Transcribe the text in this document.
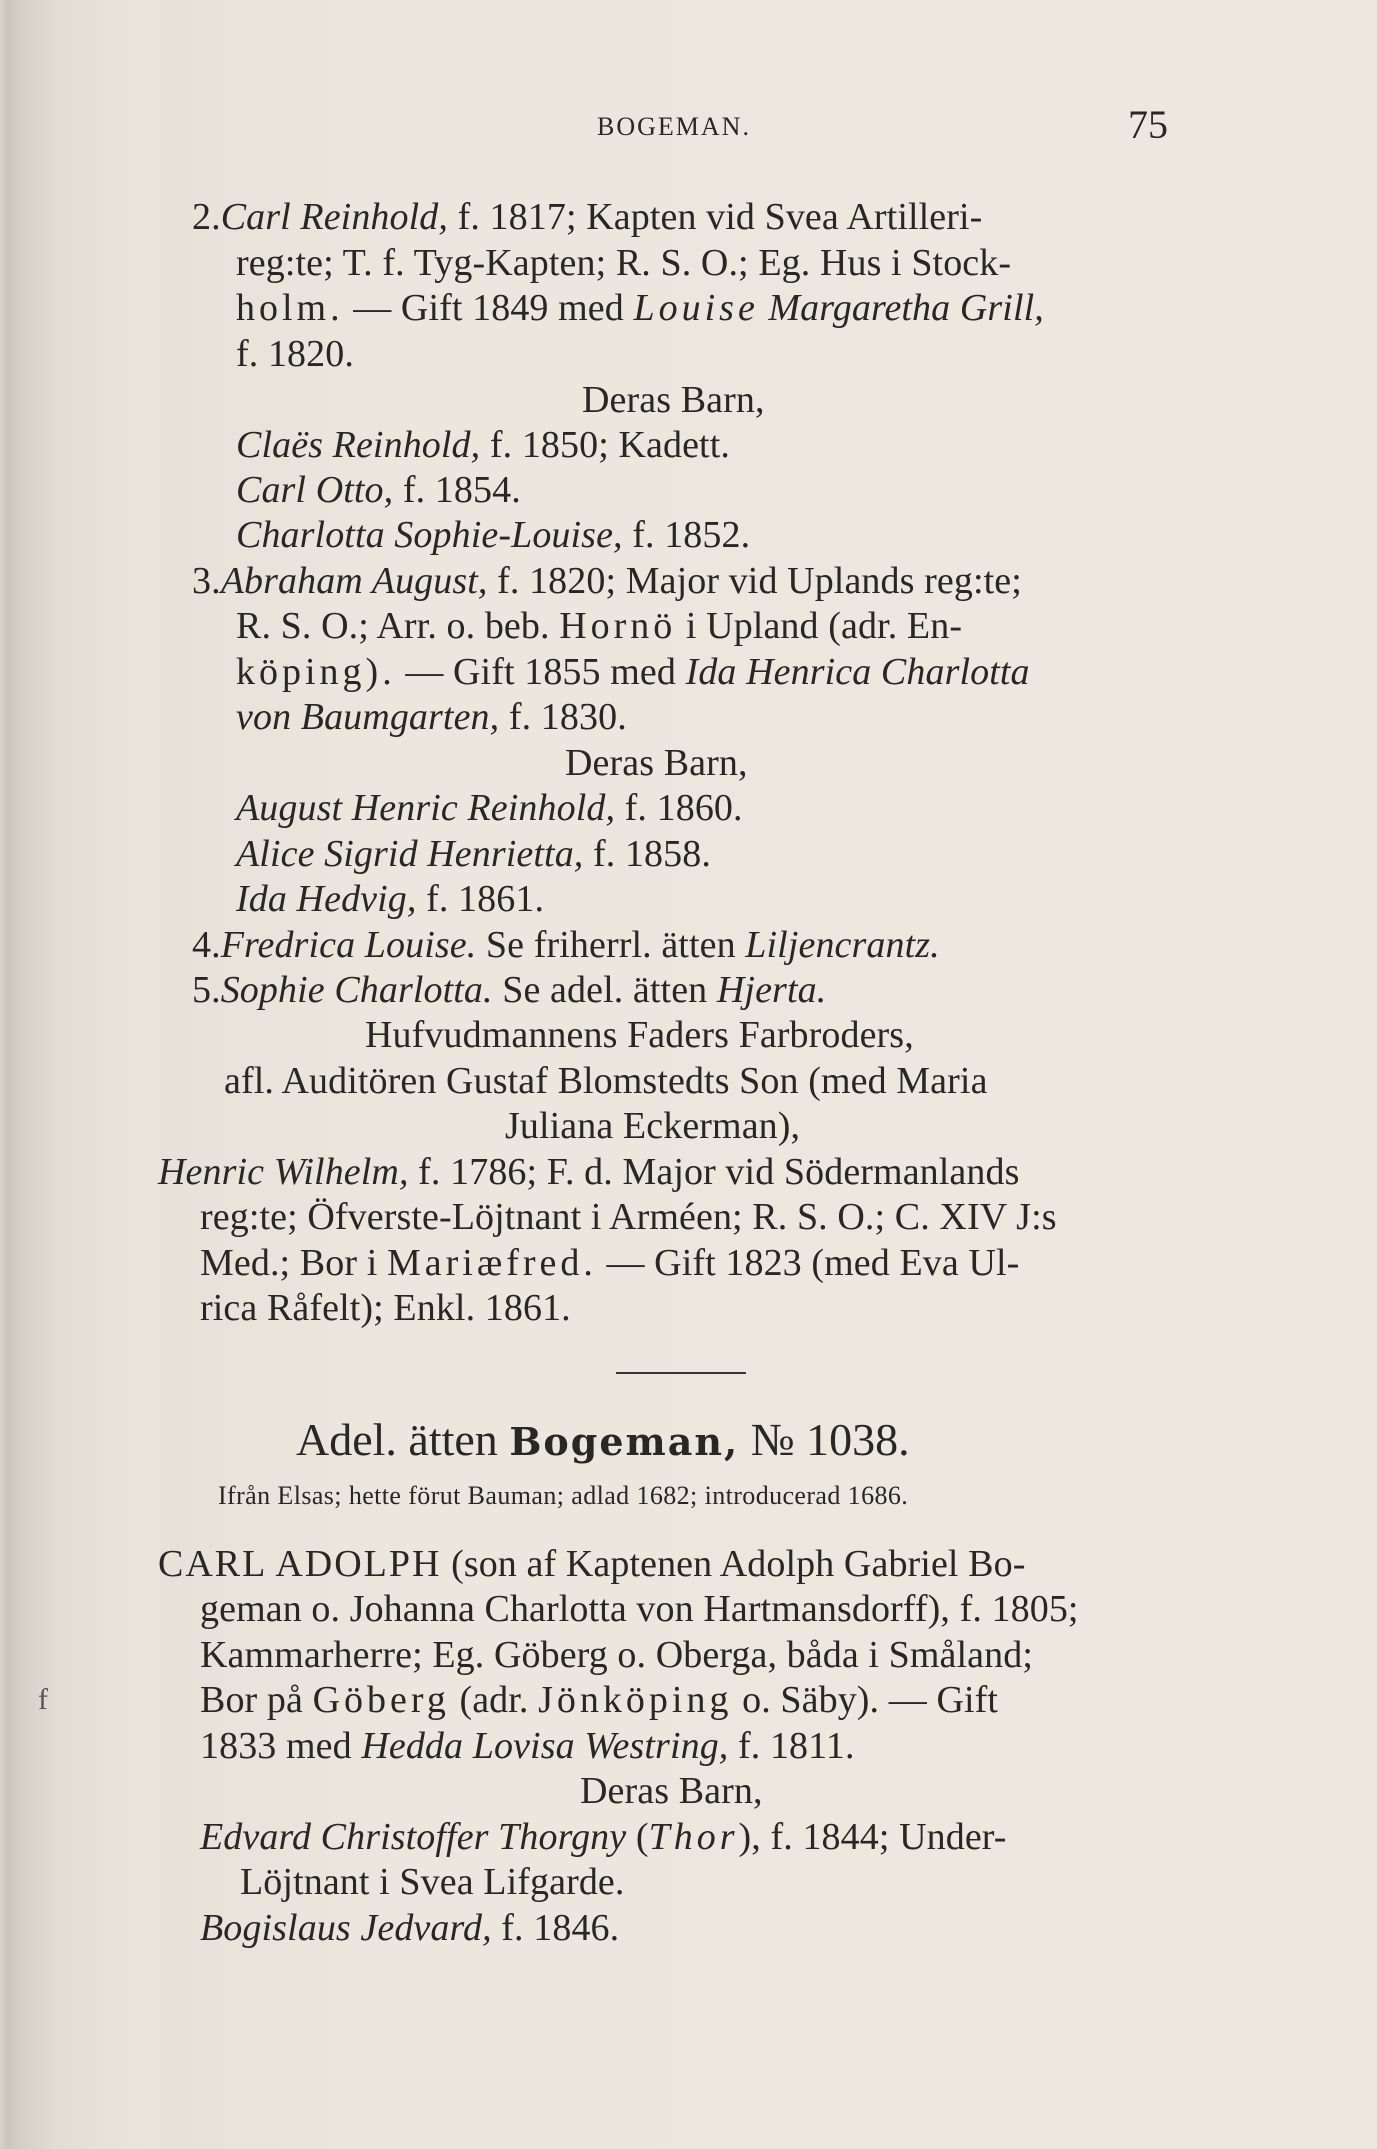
BOGEMAN.	75
2.Carl Reinhold, f. 1817; Kapten vid Svea Artilleri-
reg:te; T. f. Tyg-Kapten; R. S. O.; Eg. Hus i Stock-
holm. — Gift 1849 med Louise Margaretha Grill,
f. 1820.
Deras Barn,
Claës Reinhold, f. 1850; Kadett.
Carl Otto, f. 1854.
Charlotta Sophie-Louise, f. 1852.
3.Abraham August, f. 1820; Major vid Uplands reg:te;
R. S. O.; Arr. o. beb. Hornö i Upland (adr. En-
köping). — Gift 1855 med Ida Henrica Charlotta
von Baumgarten, f. 1830.
Deras Barn,
August Henric Reinhold, f. 1860.
Alice Sigrid Henrietta, f. 1858.
Ida Hedvig, f. 1861.
4.Fredrica Louise. Se friherrl. ätten Liljencrantz.
5.Sophie Charlotta. Se adel. ätten Hjerta.
Hufvudmannens Faders Farbroders,
afl. Auditören Gustaf Blomstedts Son (med Maria
Juliana Eckerman),
Henric Wilhelm, f. 1786; F. d. Major vid Södermanlands
reg:te; Öfverste-Löjtnant i Arméen; R. S. O.; C. XIV J:s
Med.; Bor i Mariæfred. — Gift 1823 (med Eva Ul-
rica Råfelt); Enkl. 1861.
Adel. ätten Bogeman, № 1038.
Ifrån Elsas; hette förut Bauman; adlad 1682; introducerad 1686.
CARL ADOLPH (son af Kaptenen Adolph Gabriel Bo-
geman o. Johanna Charlotta von Hartmansdorff), f. 1805;
Kammarherre; Eg. Göberg o. Oberga, båda i Småland;
Bor på Göberg (adr. Jönköping o. Säby). — Gift
1833 med Hedda Lovisa Westring, f. 1811.
Deras Barn,
Edvard Christoffer Thorgny (Thor), f. 1844; Under-
Löjtnant i Svea Lifgarde.
Bogislaus Jedvard, f. 1846.
f
